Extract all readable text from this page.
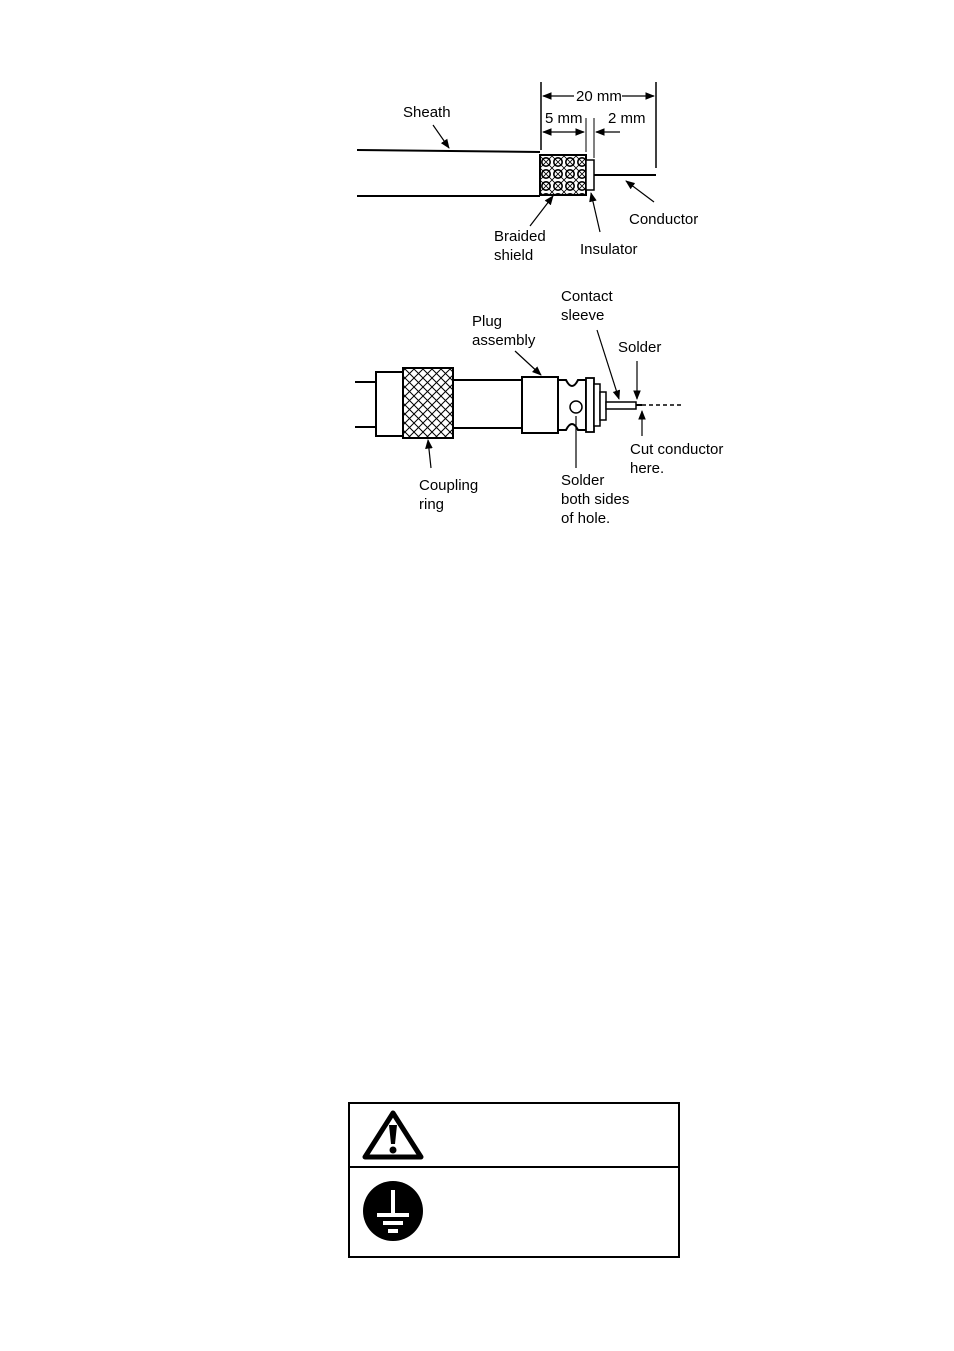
20 mm
5 mm 2 mm
Sheath
Conductor
Braided
shield	Insulator
Contact
sleeve
Plug
assembly	Solder
Cut conductor
here.
Coupling
ring
Solder
both sides
of hole.
